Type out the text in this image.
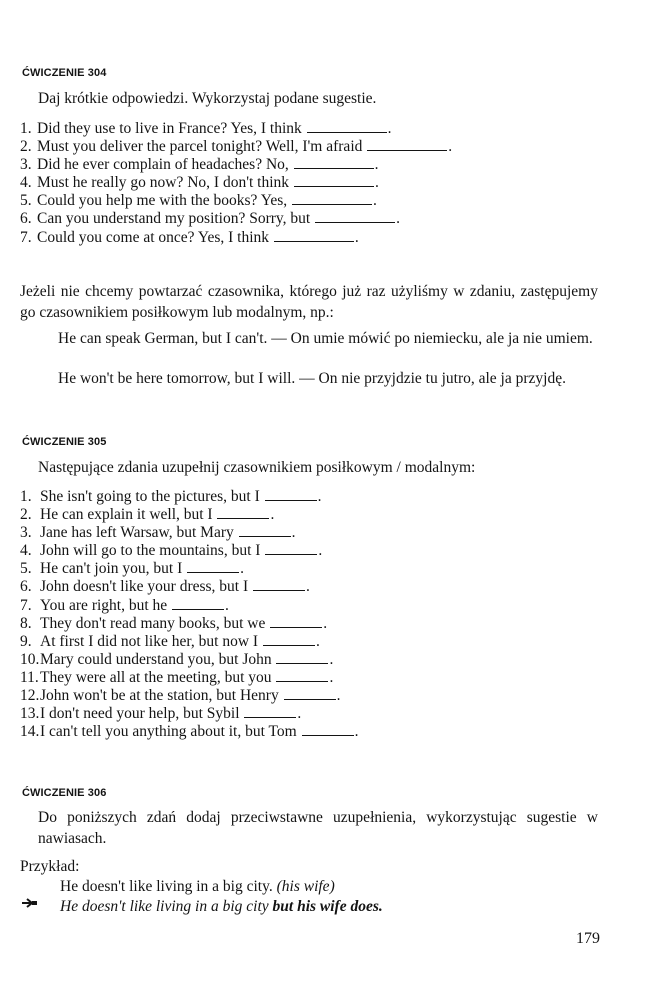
ĆWICZENIE 304
Daj krótkie odpowiedzi. Wykorzystaj podane sugestie.
1. Did they use to live in France? Yes, I think	.
2. Must you deliver the parcel tonight? Well, I'm afraid	.
3. Did he ever complain of headaches? No,	.
4. Must he really go now? No, I don't think	.
5. Could you help me with the books? Yes,	.
6. Can you understand my position? Sorry, but	.
7. Could you come at once? Yes, I think	.
Jeżeli nie chcemy powtarzać czasownika, którego już raz użyliśmy w zdaniu, zastępujemy go czasownikiem posiłkowym lub modalnym, np.:
He can speak German, but I can't. — On umie mówić po niemiecku, ale ja nie umiem.
He won't be here tomorrow, but I will. — On nie przyjdzie tu jutro, ale ja przyjdę.
ĆWICZENIE 305
Następujące zdania uzupełnij czasownikiem posiłkowym / modalnym:
1. She isn't going to the pictures, but I	.
2. He can explain it well, but I	.
3. Jane has left Warsaw, but Mary	.
4. John will go to the mountains, but I	.
5. He can't join you, but I	.
6. John doesn't like your dress, but I	.
7. You are right, but he	.
8. They don't read many books, but we	.
9. At first I did not like her, but now I	.
10.Mary could understand you, but John	.
11.They were all at the meeting, but you	.
12.John won't be at the station, but Henry	.
13.I don't need your help, but Sybil	.
14.I can't tell you anything about it, but Tom	.
ĆWICZENIE 306
Do poniższych zdań dodaj przeciwstawne uzupełnienia, wykorzystując sugestie w nawiasach.
Przykład:
He doesn't like living in a big city. (his wife)
He doesn't like living in a big city but his wife does.
179
